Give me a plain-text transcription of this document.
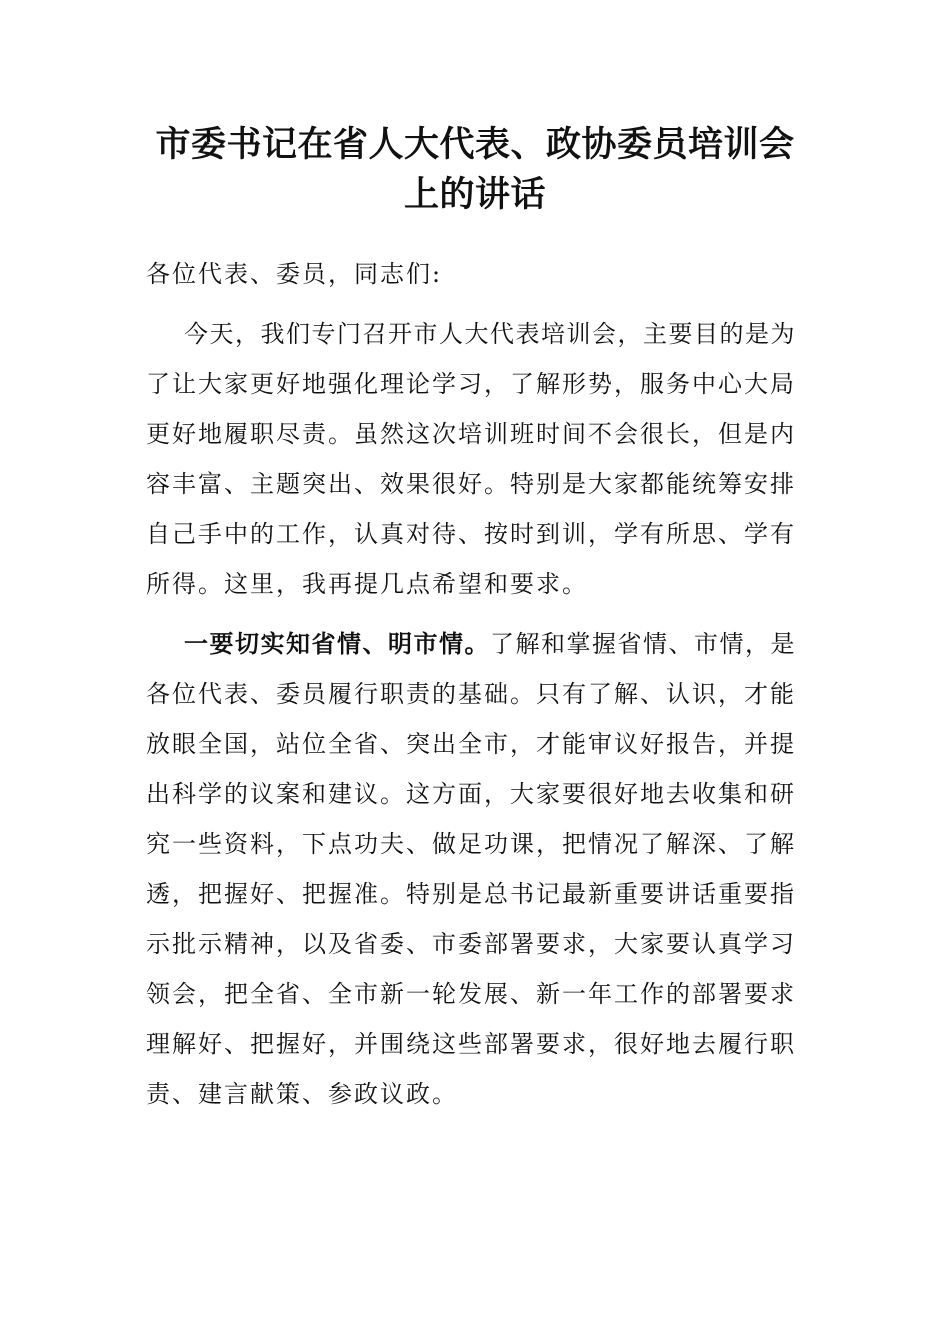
市委书记在省人大代表、政协委员培训会
上的讲话
各位代表、委员，同志们:
今天，我们专门召开市人大代表培训会，主要目的是为
了让大家更好地强化理论学习，了解形势，服务中心大局
更好地履职尽责。虽然这次培训班时间不会很长，但是内
容丰富、主题突出、效果很好。特别是大家都能统筹安排
自己手中的工作，认真对待、按时到训，学有所思、学有
所得。这里，我再提几点希望和要求。
一要切实知省情、明市情。了解和掌握省情、市情，是
各位代表、委员履行职责的基础。只有了解、认识，才能
放眼全国，站位全省、突出全市，才能审议好报告，并提
出科学的议案和建议。这方面，大家要很好地去收集和研
究一些资料，下点功夫、做足功课，把情况了解深、了解
透，把握好、把握准。特别是总书记最新重要讲话重要指
示批示精神，以及省委、市委部署要求，大家要认真学习
领会，把全省、全市新一轮发展、新一年工作的部署要求
理解好、把握好，并围绕这些部署要求，很好地去履行职
责、建言献策、参政议政。
